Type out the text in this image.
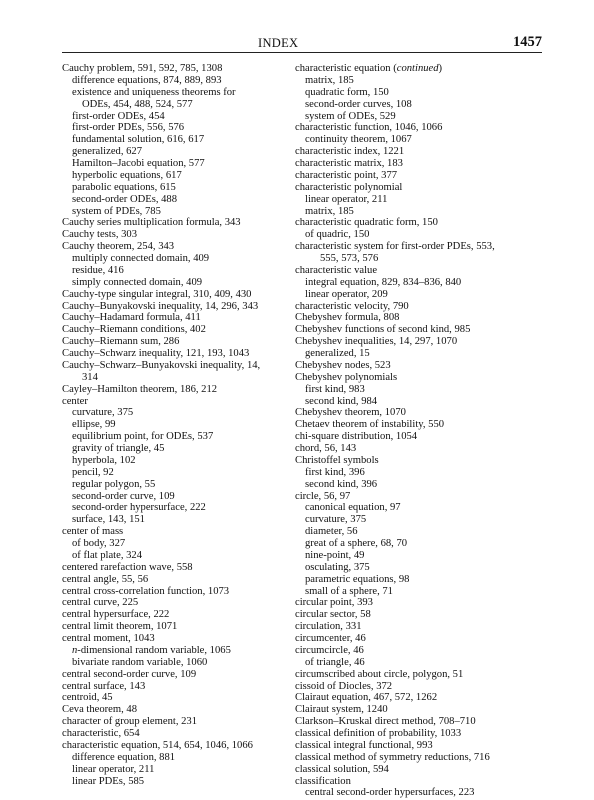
INDEX	1457
Cauchy problem, 591, 592, 785, 1308
difference equations, 874, 889, 893
existence and uniqueness theorems for
ODEs, 454, 488, 524, 577
first-order ODEs, 454
first-order PDEs, 556, 576
fundamental solution, 616, 617
generalized, 627
Hamilton–Jacobi equation, 577
hyperbolic equations, 617
parabolic equations, 615
second-order ODEs, 488
system of PDEs, 785
Cauchy series multiplication formula, 343
Cauchy tests, 303
Cauchy theorem, 254, 343
multiply connected domain, 409
residue, 416
simply connected domain, 409
Cauchy-type singular integral, 310, 409, 430
Cauchy–Bunyakovski inequality, 14, 296, 343
Cauchy–Hadamard formula, 411
Cauchy–Riemann conditions, 402
Cauchy–Riemann sum, 286
Cauchy–Schwarz inequality, 121, 193, 1043
Cauchy–Schwarz–Bunyakovski inequality, 14,
314
Cayley–Hamilton theorem, 186, 212
center
curvature, 375
ellipse, 99
equilibrium point, for ODEs, 537
gravity of triangle, 45
hyperbola, 102
pencil, 92
regular polygon, 55
second-order curve, 109
second-order hypersurface, 222
surface, 143, 151
center of mass
of body, 327
of flat plate, 324
centered rarefaction wave, 558
central angle, 55, 56
central cross-correlation function, 1073
central curve, 225
central hypersurface, 222
central limit theorem, 1071
central moment, 1043
n-dimensional random variable, 1065
bivariate random variable, 1060
central second-order curve, 109
central surface, 143
centroid, 45
Ceva theorem, 48
character of group element, 231
characteristic, 654
characteristic equation, 514, 654, 1046, 1066
difference equation, 881
linear operator, 211
linear PDEs, 585
characteristic equation (continued)
matrix, 185
quadratic form, 150
second-order curves, 108
system of ODEs, 529
characteristic function, 1046, 1066
continuity theorem, 1067
characteristic index, 1221
characteristic matrix, 183
characteristic point, 377
characteristic polynomial
linear operator, 211
matrix, 185
characteristic quadratic form, 150
of quadric, 150
characteristic system for first-order PDEs, 553,
555, 573, 576
characteristic value
integral equation, 829, 834–836, 840
linear operator, 209
characteristic velocity, 790
Chebyshev formula, 808
Chebyshev functions of second kind, 985
Chebyshev inequalities, 14, 297, 1070
generalized, 15
Chebyshev nodes, 523
Chebyshev polynomials
first kind, 983
second kind, 984
Chebyshev theorem, 1070
Chetaev theorem of instability, 550
chi-square distribution, 1054
chord, 56, 143
Christoffel symbols
first kind, 396
second kind, 396
circle, 56, 97
canonical equation, 97
curvature, 375
diameter, 56
great of a sphere, 68, 70
nine-point, 49
osculating, 375
parametric equations, 98
small of a sphere, 71
circular point, 393
circular sector, 58
circulation, 331
circumcenter, 46
circumcircle, 46
of triangle, 46
circumscribed about circle, polygon, 51
cissoid of Diocles, 372
Clairaut equation, 467, 572, 1262
Clairaut system, 1240
Clarkson–Kruskal direct method, 708–710
classical definition of probability, 1033
classical integral functional, 993
classical method of symmetry reductions, 716
classical solution, 594
classification
central second-order hypersurfaces, 223
